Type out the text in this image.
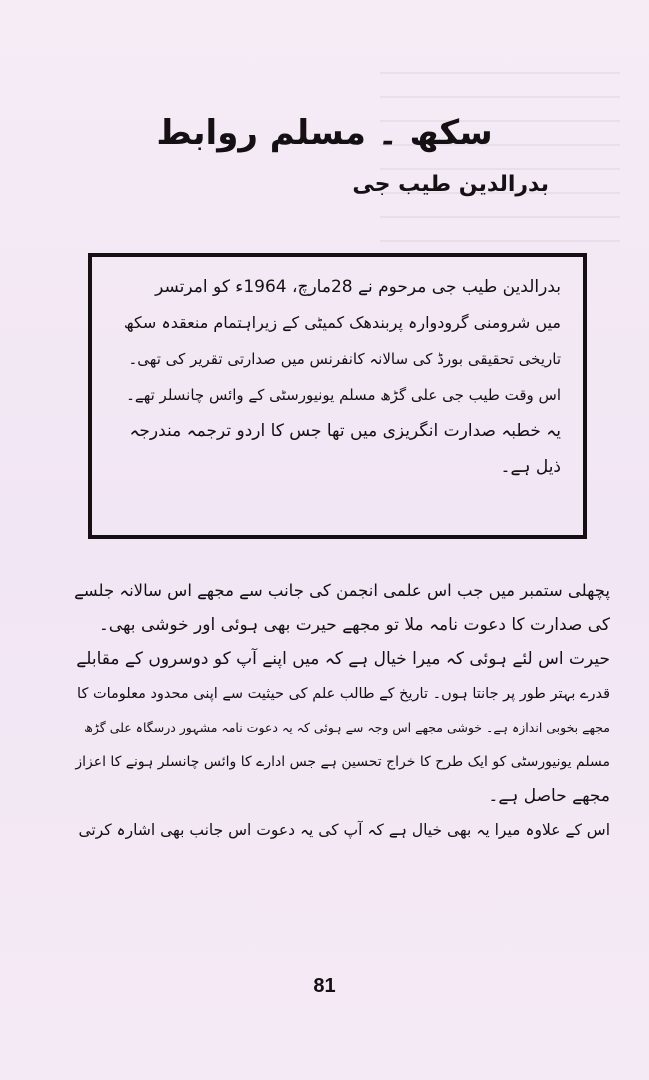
سکھ ۔ مسلم روابط
بدرالدین طیب جی
بدرالدین طیب جی مرحوم نے 28مارچ، 1964ء کو امرتسر
میں شرومنی گرودوارہ پربندھک کمیٹی کے زیراہتمام منعقدہ سکھ
تاریخی تحقیقی بورڈ کی سالانہ کانفرنس میں صدارتی تقریر کی تھی۔
اس وقت طیب جی علی گڑھ مسلم یونیورسٹی کے وائس چانسلر تھے۔
یہ خطبہ صدارت انگریزی میں تھا جس کا اردو ترجمہ مندرجہ
ذیل ہے۔
پچھلی ستمبر میں جب اس علمی انجمن کی جانب سے مجھے اس سالانہ جلسے
کی صدارت کا دعوت نامہ ملا تو مجھے حیرت بھی ہوئی اور خوشی بھی۔
حیرت اس لئے ہوئی کہ میرا خیال ہے کہ میں اپنے آپ کو دوسروں کے مقابلے
قدرے بہتر طور پر جانتا ہوں۔ تاریخ کے طالب علم کی حیثیت سے اپنی محدود معلومات کا
مجھے بخوبی اندازہ ہے۔ خوشی مجھے اس وجہ سے ہوئی کہ یہ دعوت نامہ مشہور درسگاہ علی گڑھ
مسلم یونیورسٹی کو ایک طرح کا خراج تحسین ہے جس ادارے کا وائس چانسلر ہونے کا اعزاز
مجھے حاصل ہے۔
اس کے علاوہ میرا یہ بھی خیال ہے کہ آپ کی یہ دعوت اس جانب بھی اشارہ کرتی
81
